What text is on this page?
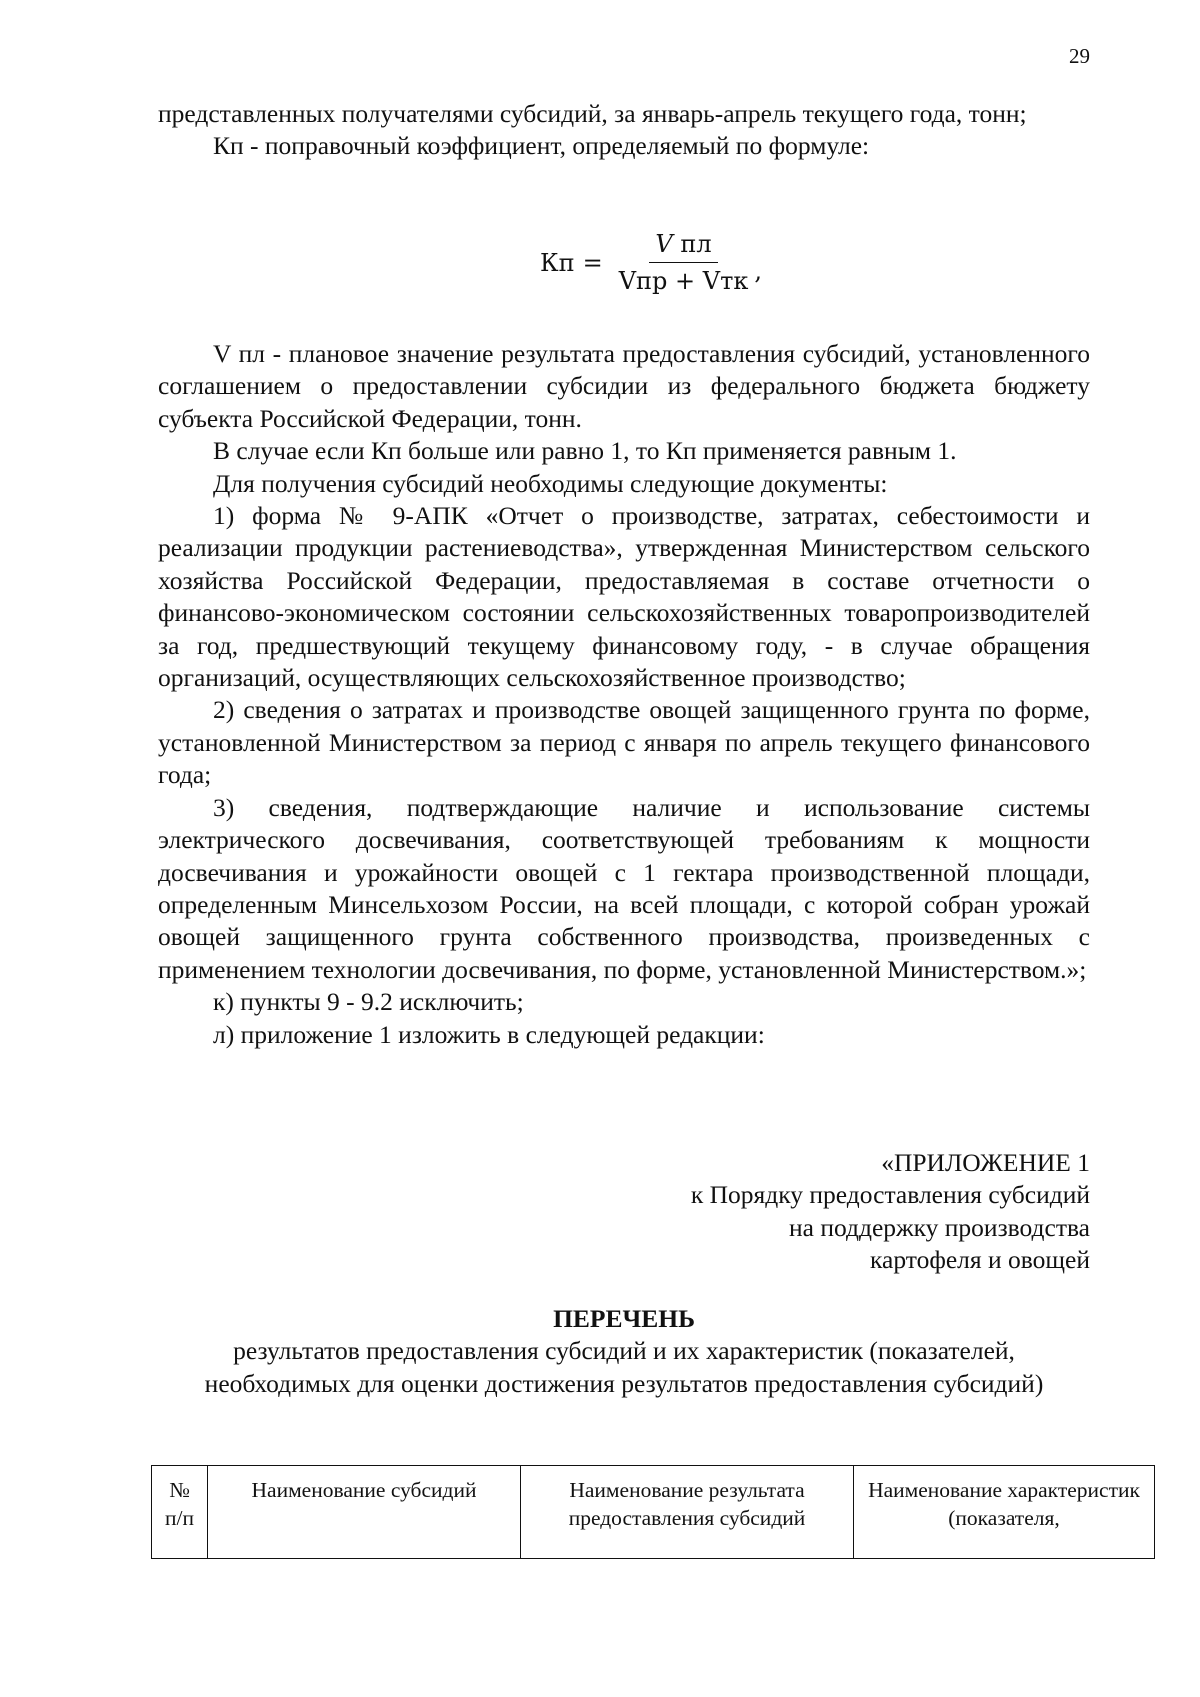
29

представленных получателями субсидий, за январь-апрель текущего года, тонн;

Кп - поправочный коэффициент, определяемый по формуле:

Кп = $\frac{\text{V пл}}{\text{Vпр + Vтк}}$ ,

V пл - плановое значение результата предоставления субсидий, установленного соглашением о предоставлении субсидии из федерального бюджета бюджету субъекта Российской Федерации, тонн.

В случае если Кп больше или равно 1, то Кп применяется равным 1.

Для получения субсидий необходимы следующие документы:

1) форма № 9-АПК «Отчет о производстве, затратах, себестоимости и реализации продукции растениеводства», утвержденная Министерством сельского хозяйства Российской Федерации, предоставляемая в составе отчетности о финансово-экономическом состоянии сельскохозяйственных товаропроизводителей за год, предшествующий текущему финансовому году, - в случае обращения организаций, осуществляющих сельскохозяйственное производство;

2) сведения о затратах и производстве овощей защищенного грунта по форме, установленной Министерством за период с января по апрель текущего финансового года;

3) сведения, подтверждающие наличие и использование системы электрического досвечивания, соответствующей требованиям к мощности досвечивания и урожайности овощей с 1 гектара производственной площади, определенным Минсельхозом России, на всей площади, с которой собран урожай овощей защищенного грунта собственного производства, произведенных с применением технологии досвечивания, по форме, установленной Министерством.»;

к) пункты 9 - 9.2 исключить;

л) приложение 1 изложить в следующей редакции:

«ПРИЛОЖЕНИЕ 1
к Порядку предоставления субсидий
на поддержку производства
картофеля и овощей

ПЕРЕЧЕНЬ

результатов предоставления субсидий и их характеристик (показателей, необходимых для оценки достижения результатов предоставления субсидий)

№ п/п	Наименование субсидий	Наименование результата предоставления субсидий	Наименование характеристик (показателя,
